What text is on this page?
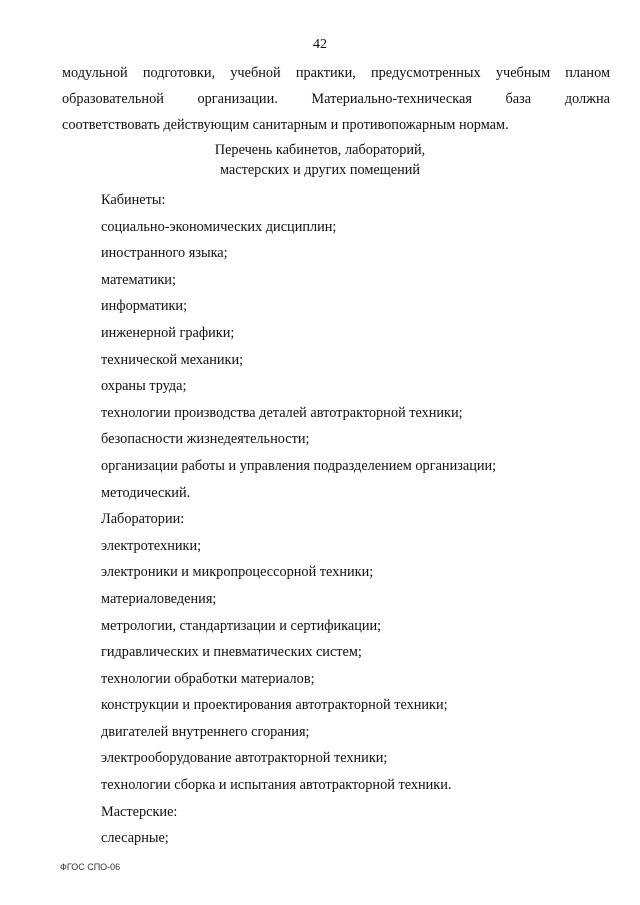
42
модульной подготовки, учебной практики, предусмотренных учебным планом
образовательной организации. Материально-техническая база должна
соответствовать действующим санитарным и противопожарным нормам.
Перечень кабинетов, лабораторий,
мастерских и других помещений
Кабинеты:
социально-экономических дисциплин;
иностранного языка;
математики;
информатики;
инженерной графики;
технической механики;
охраны труда;
технологии производства деталей автотракторной техники;
безопасности жизнедеятельности;
организации работы и управления подразделением организации;
методический.
Лаборатории:
электротехники;
электроники и микропроцессорной техники;
материаловедения;
метрологии, стандартизации и сертификации;
гидравлических и пневматических систем;
технологии обработки материалов;
конструкции и проектирования автотракторной техники;
двигателей внутреннего сгорания;
электрооборудование автотракторной техники;
технологии сборка и испытания автотракторной техники.
Мастерские:
слесарные;
ФГОС СПО-06
